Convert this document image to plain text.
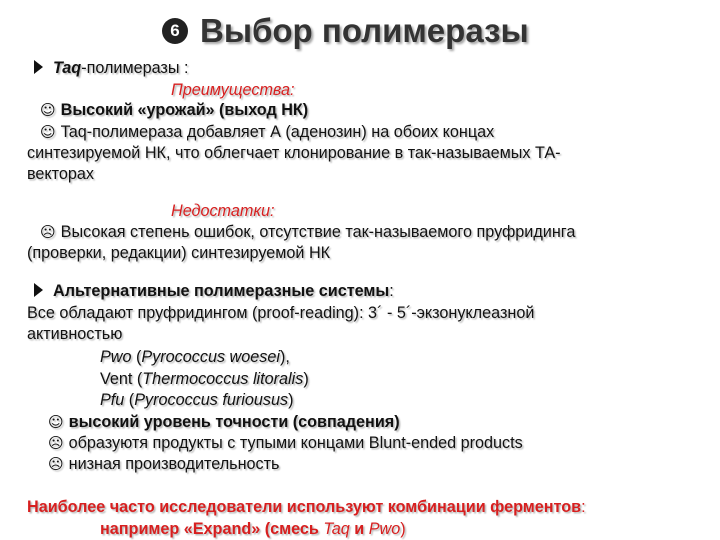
6 Выбор полимеразы
Taq-полимеразы :
Преимущества:
☺ Высокий «урожай» (выход НК)
☺ Taq-полимераза добавляет А (аденозин) на обоих концах
синтезируемой НК, что облегчает клонирование в так-называемых ТА-
векторах
Недостатки:
☹ Высокая степень ошибок, отсутствие так-называемого пруфридинга
(проверки, редакции) синтезируемой НК
Альтернативные полимеразные системы:
Все обладают пруфридингом (proof-reading): 3´ - 5´-экзонуклеазной
активностью
Pwo (Pyrococcus woesei),
Vent (Thermococcus litoralis)
Pfu (Pyrococcus furiousus)
☺ высокий уровень точности (совпадения)
☹ образуютя продукты с тупыми концами Blunt-ended products
☹ низная производительность
Наиболее часто исследователи используют комбинации ферментов:
например «Expand» (смесь Taq и Pwo)
